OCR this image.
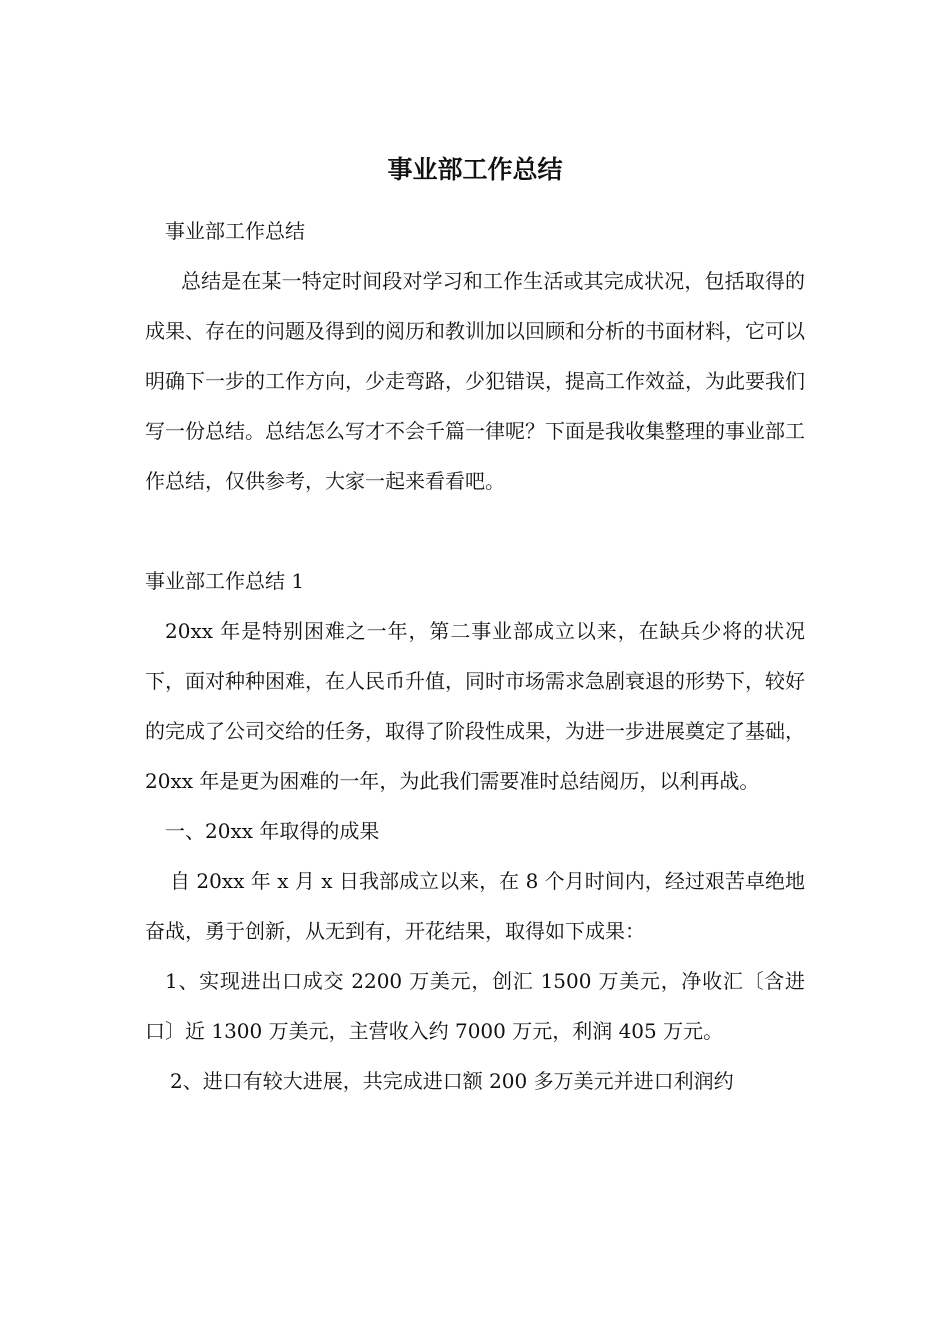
事业部工作总结

事业部工作总结

总结是在某一特定时间段对学习和工作生活或其完成状况，包括取得的成果、存在的问题及得到的阅历和教训加以回顾和分析的书面材料，它可以明确下一步的工作方向，少走弯路，少犯错误，提高工作效益，为此要我们写一份总结。总结怎么写才不会千篇一律呢？下面是我收集整理的事业部工作总结，仅供参考，大家一起来看看吧。

事业部工作总结 1

20xx 年是特别困难之一年，第二事业部成立以来，在缺兵少将的状况下，面对种种困难，在人民币升值，同时市场需求急剧衰退的形势下，较好的完成了公司交给的任务，取得了阶段性成果，为进一步进展奠定了基础，20xx 年是更为困难的一年，为此我们需要准时总结阅历，以利再战。

一、20xx 年取得的成果

自 20xx 年 x 月 x 日我部成立以来，在 8 个月时间内，经过艰苦卓绝地奋战，勇于创新，从无到有，开花结果，取得如下成果：

1、实现进出口成交 2200 万美元，创汇 1500 万美元，净收汇〔含进口〕近 1300 万美元，主营收入约 7000 万元，利润 405 万元。

2、进口有较大进展，共完成进口额 200 多万美元并进口利润约
